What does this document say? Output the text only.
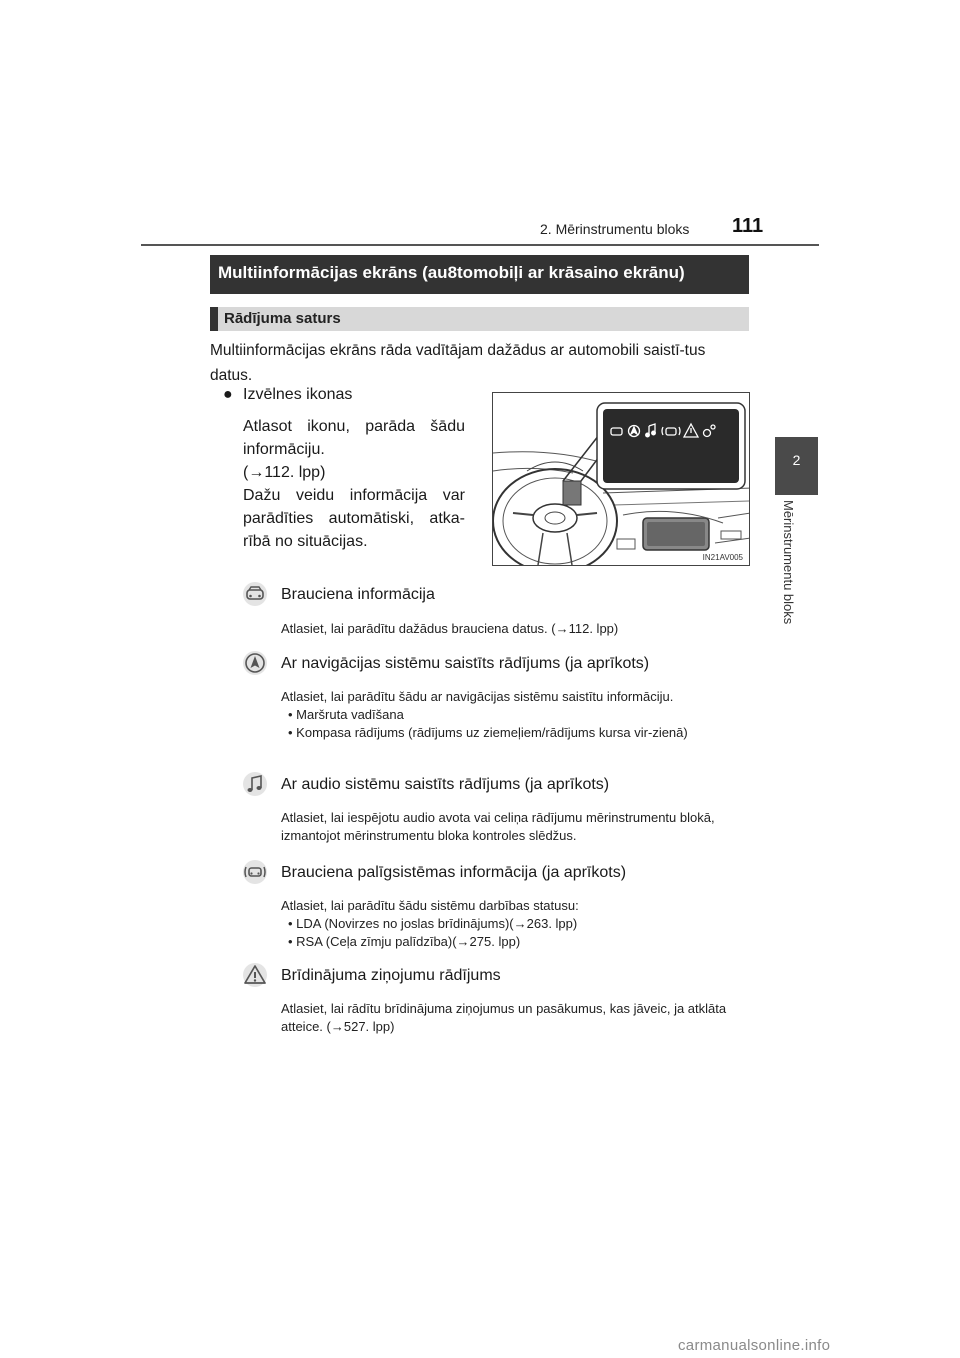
2. Mērinstrumentu bloks 111
2
Mērinstrumentu bloks
Multiinformācijas ekrāns (au8tomobiļi ar krāsaino ekrānu)
Rādījuma saturs
Multiinformācijas ekrāns rāda vadītājam dažādus ar automobili saistī-tus datus.
● Izvēlnes ikonas

Atlasot ikonu, parāda šādu informāciju.

(→112. lpp)

Dažu veidu informācija var parādīties automātiski, atka-rībā no situācijas.

IN21AV005
Brauciena informācija
Atlasiet, lai parādītu dažādus brauciena datus. (→112. lpp)
Ar navigācijas sistēmu saistīts rādījums (ja aprīkots)
Atlasiet, lai parādītu šādu ar navigācijas sistēmu saistītu informāciju.
• Maršruta vadīšana
• Kompasa rādījums (rādījums uz ziemeļiem/rādījums kursa vir-zienā)
Ar audio sistēmu saistīts rādījums (ja aprīkots)
Atlasiet, lai iespējotu audio avota vai celiņa rādījumu mērinstrumentu blokā, izmantojot mērinstrumentu bloka kontroles slēdžus.
Brauciena palīgsistēmas informācija (ja aprīkots)
Atlasiet, lai parādītu šādu sistēmu darbības statusu:
• LDA (Novirzes no joslas brīdinājums)(→263. lpp)
• RSA (Ceļa zīmju palīdzība)(→275. lpp)
Brīdinājuma ziņojumu rādījums
Atlasiet, lai rādītu brīdinājuma ziņojumus un pasākumus, kas jāveic, ja atklāta atteice. (→527. lpp)
carmanualsonline.info
